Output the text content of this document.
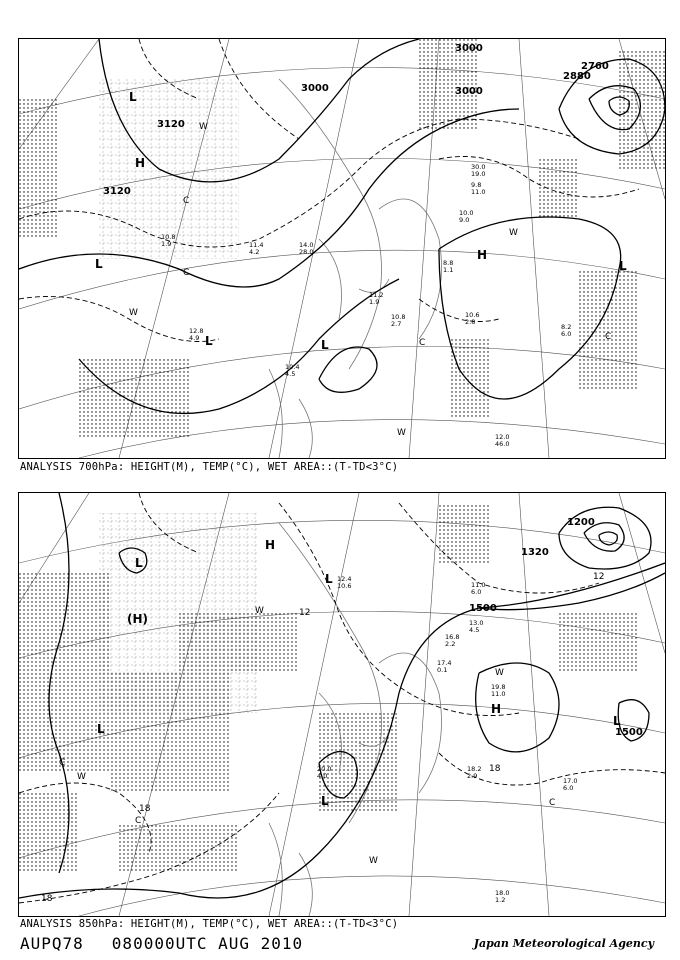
3000
3000
3000
2880
2760
3120
3120
H
H
L
L
L	L
L
W
W
W
W
C
C
C
C
10.8
1.9	11.4
4.2
14.0
28.0
11.2
1.9
10.8
2.7
10.6
2.8
8.2
6.0
12.0
46.0
10.0
9.0
8.8
1.1
30.0
19.0
9.8
11.0
12.8
4.9
10.4
4.5
ANALYSIS 700hPa: HEIGHT(M), TEMP(°C), WET AREA::(T-TD<3°C)
1500
1500
1320
1200
H
H
(H)
L
L
L
L
L
W
W
W
W
C
C
C
12
18
18
18
12
18.2
2.9
17.0
6.0
18.0
1.2
19.8
11.0
13.0
4.5
11.0
6.0
17.4
0.1
16.8
2.2
20.0
4.0
12.4
10.6
ANALYSIS 850hPa: HEIGHT(M), TEMP(°C), WET AREA::(T-TD<3°C)
AUPQ78 080000UTC AUG 2010	Japan Meteorological Agency
